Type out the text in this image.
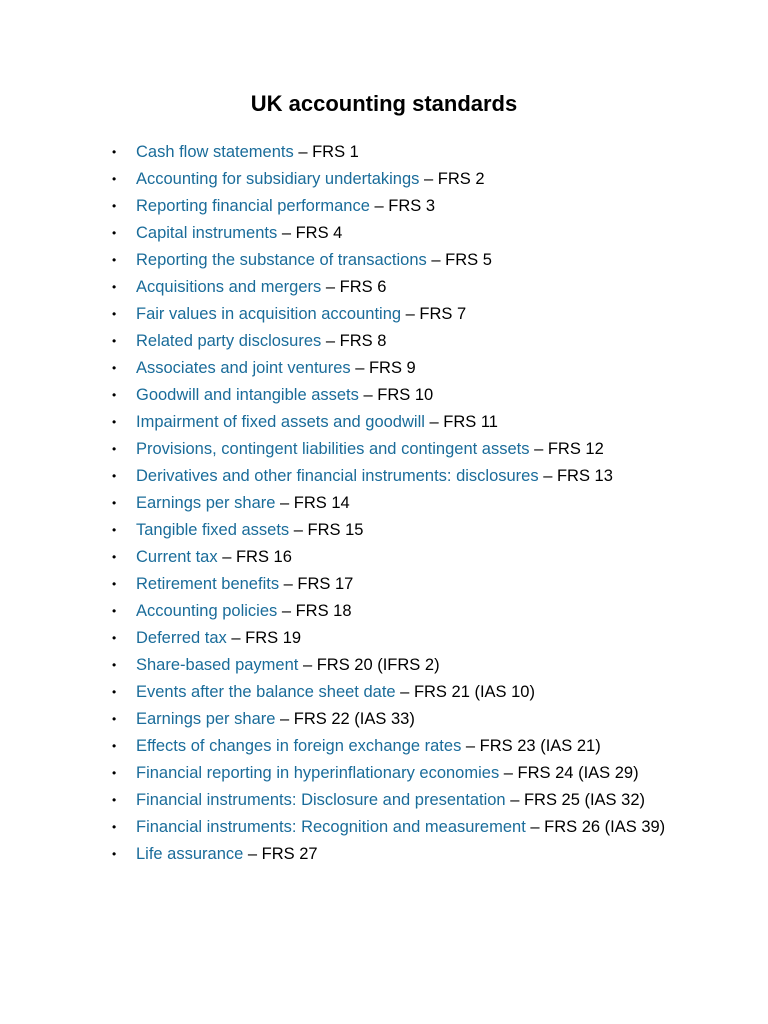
UK accounting standards
• Cash flow statements – FRS 1
• Accounting for subsidiary undertakings – FRS 2
• Reporting financial performance – FRS 3
• Capital instruments – FRS 4
• Reporting the substance of transactions – FRS 5
• Acquisitions and mergers – FRS 6
• Fair values in acquisition accounting – FRS 7
• Related party disclosures – FRS 8
• Associates and joint ventures – FRS 9
• Goodwill and intangible assets – FRS 10
• Impairment of fixed assets and goodwill – FRS 11
• Provisions, contingent liabilities and contingent assets – FRS 12
• Derivatives and other financial instruments: disclosures – FRS 13
• Earnings per share – FRS 14
• Tangible fixed assets – FRS 15
• Current tax – FRS 16
• Retirement benefits – FRS 17
• Accounting policies – FRS 18
• Deferred tax – FRS 19
• Share-based payment – FRS 20 (IFRS 2)
• Events after the balance sheet date – FRS 21 (IAS 10)
• Earnings per share – FRS 22 (IAS 33)
• Effects of changes in foreign exchange rates – FRS 23 (IAS 21)
• Financial reporting in hyperinflationary economies – FRS 24 (IAS 29)
• Financial instruments: Disclosure and presentation – FRS 25 (IAS 32)
• Financial instruments: Recognition and measurement – FRS 26 (IAS 39)
• Life assurance – FRS 27
